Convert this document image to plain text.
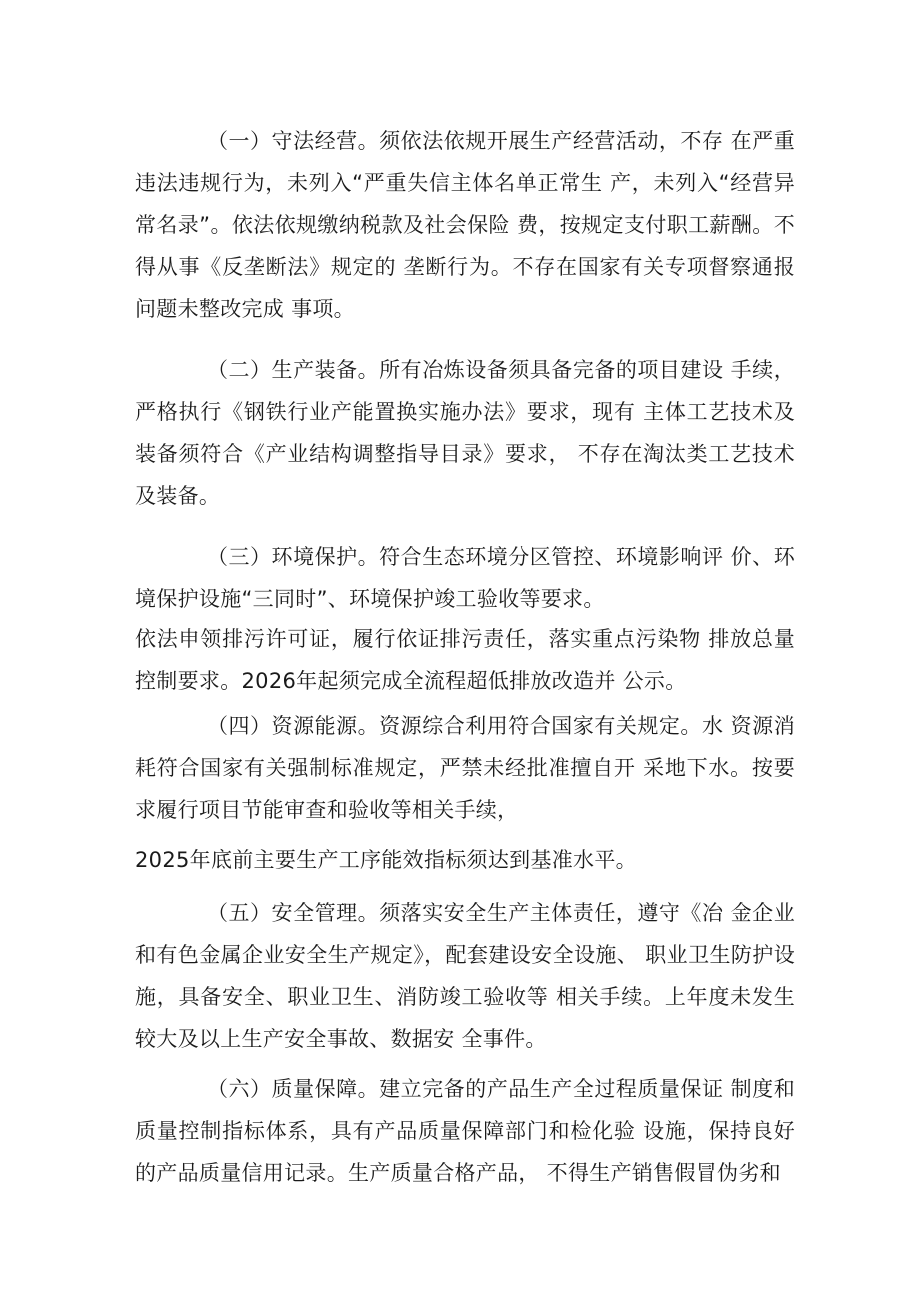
（一）守法经营。须依法依规开展生产经营活动，不存 在严重违法违规行为，未列入“严重失信主体名单正常生 产，未列入“经营异常名录”。依法依规缴纳税款及社会保险 费，按规定支付职工薪酬。不得从事《反垄断法》规定的 垄断行为。不存在国家有关专项督察通报问题未整改完成 事项。

（二）生产装备。所有冶炼设备须具备完备的项目建设 手续，严格执行《钢铁行业产能置换实施办法》要求，现有 主体工艺技术及装备须符合《产业结构调整指导目录》要求， 不存在淘汰类工艺技术及装备。

（三）环境保护。符合生态环境分区管控、环境影响评 价、环境保护设施“三同时”、环境保护竣工验收等要求。

依法申领排污许可证，履行依证排污责任，落实重点污染物 排放总量控制要求。2026年起须完成全流程超低排放改造并 公示。

（四）资源能源。资源综合利用符合国家有关规定。水 资源消耗符合国家有关强制标准规定，严禁未经批准擅自开 采地下水。按要求履行项目节能审查和验收等相关手续，

2025年底前主要生产工序能效指标须达到基准水平。

（五）安全管理。须落实安全生产主体责任，遵守《冶 金企业和有色金属企业安全生产规定》，配套建设安全设施、 职业卫生防护设施，具备安全、职业卫生、消防竣工验收等 相关手续。上年度未发生较大及以上生产安全事故、数据安 全事件。

（六）质量保障。建立完备的产品生产全过程质量保证 制度和质量控制指标体系，具有产品质量保障部门和检化验 设施，保持良好的产品质量信用记录。生产质量合格产品， 不得生产销售假冒伪劣和
